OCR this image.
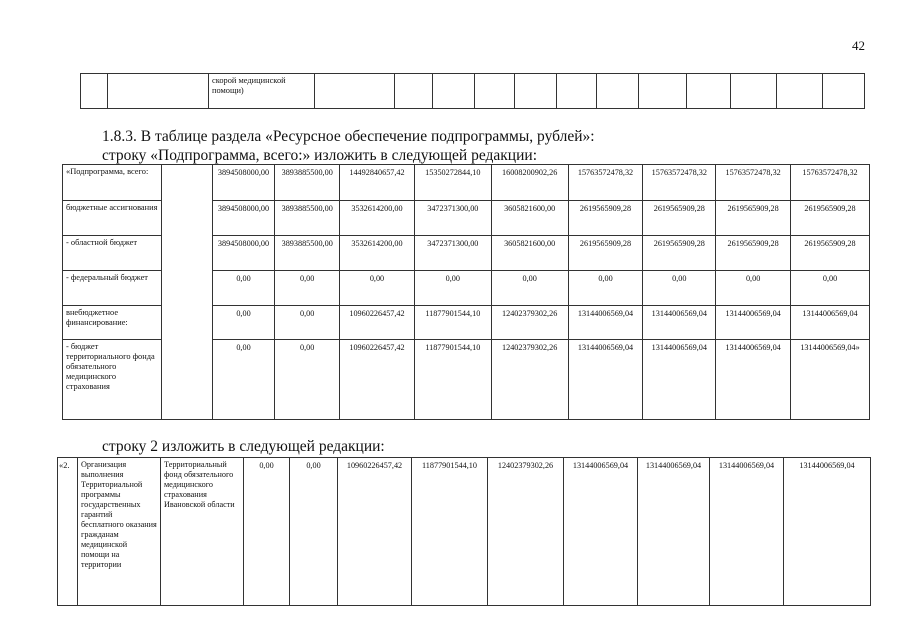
42
		скорой медицинской помощи)												
1.8.3. В таблице раздела «Ресурсное обеспечение подпрограммы, рублей»:
строку «Подпрограмма, всего:» изложить в следующей редакции:
«Подпрограмма, всего:		3894508000,00	3893885500,00	14492840657,42	15350272844,10	16008200902,26	15763572478,32	15763572478,32	15763572478,32	15763572478,32
бюджетные ассигнования		3894508000,00	3893885500,00	3532614200,00	3472371300,00	3605821600,00	2619565909,28	2619565909,28	2619565909,28	2619565909,28
- областной бюджет		3894508000,00	3893885500,00	3532614200,00	3472371300,00	3605821600,00	2619565909,28	2619565909,28	2619565909,28	2619565909,28
- федеральный бюджет		0,00	0,00	0,00	0,00	0,00	0,00	0,00	0,00	0,00
внебюджетное финансирование:		0,00	0,00	10960226457,42	11877901544,10	12402379302,26	13144006569,04	13144006569,04	13144006569,04	13144006569,04
- бюджет территориального фонда обязательного медицинского страхования		0,00	0,00	10960226457,42	11877901544,10	12402379302,26	13144006569,04	13144006569,04	13144006569,04	13144006569,04»
строку 2 изложить в следующей редакции:
«2.	Организация выполнения Территориальной программы государственных гарантий бесплатного оказания гражданам медицинской помощи на территории	Территориальный фонд обязательного медицинского страхования Ивановской области	0,00	0,00	10960226457,42	11877901544,10	12402379302,26	13144006569,04	13144006569,04	13144006569,04	13144006569,04
